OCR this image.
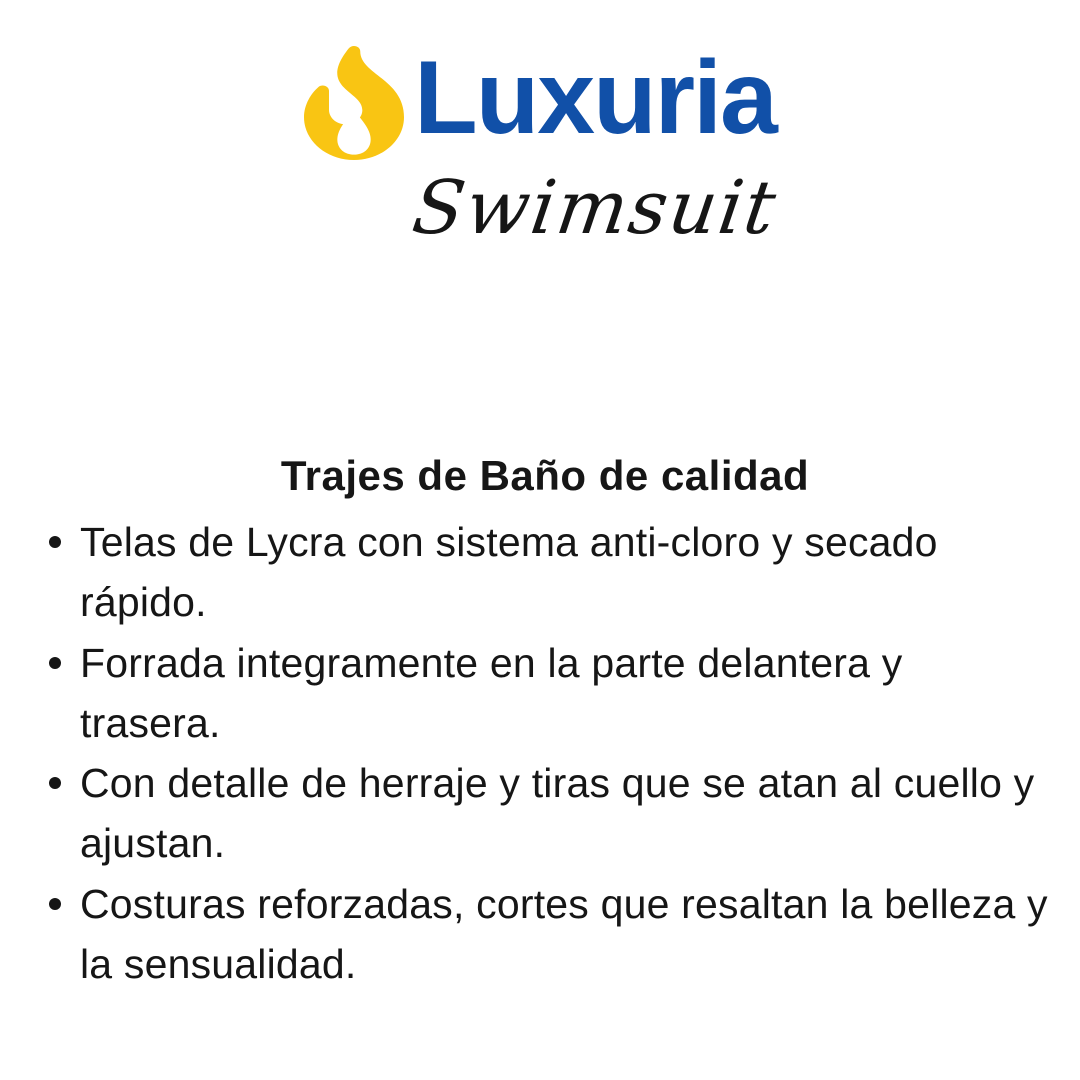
Luxuria
Swimsuit
Trajes de Baño de calidad
Telas de Lycra con sistema anti-cloro y secado rápido.
Forrada integramente en la parte delantera y trasera.
Con detalle de herraje y tiras que se atan al cuello y ajustan.
Costuras reforzadas, cortes que resaltan la belleza y la sensualidad.
